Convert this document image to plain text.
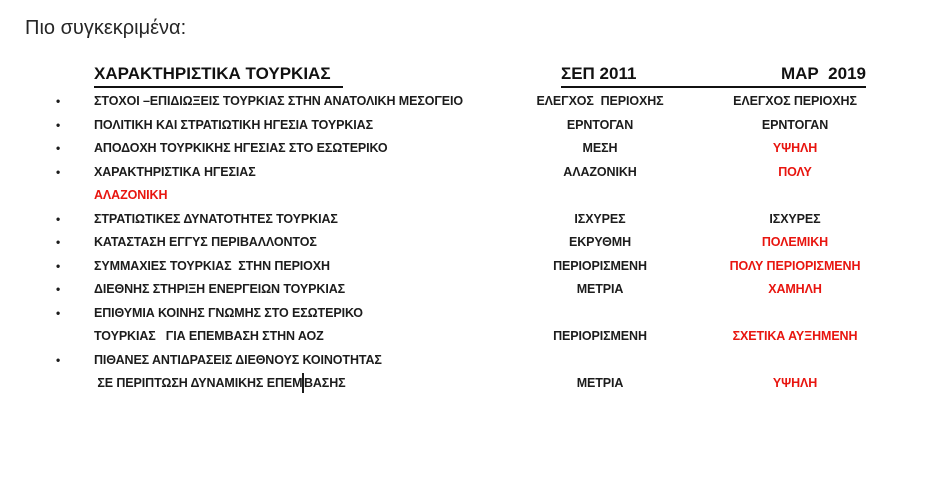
Πιο συγκεκριμένα:
ΧΑΡΑΚΤΗΡΙΣΤΙΚΑ ΤΟΥΡΚΙΑΣ	ΣΕΠ 2011	ΜΑΡ  2019
•	ΣΤΟΧΟΙ –ΕΠΙΔΙΩΞΕΙΣ ΤΟΥΡΚΙΑΣ ΣΤΗΝ ΑΝΑΤΟΛΙΚΗ ΜΕΣΟΓΕΙΟ	ΕΛΕΓΧΟΣ  ΠΕΡΙΟΧΗΣ	ΕΛΕΓΧΟΣ ΠΕΡΙΟΧΗΣ
•	ΠΟΛΙΤΙΚΗ ΚΑΙ ΣΤΡΑΤΙΩΤΙΚΗ ΗΓΕΣΙΑ ΤΟΥΡΚΙΑΣ	ΕΡΝΤΟΓΑΝ	ΕΡΝΤΟΓΑΝ
•	ΑΠΟΔΟΧΗ ΤΟΥΡΚΙΚΗΣ ΗΓΕΣΙΑΣ ΣΤΟ ΕΣΩΤΕΡΙΚΟ	ΜΕΣΗ	ΥΨΗΛΗ
•	ΧΑΡΑΚΤΗΡΙΣΤΙΚΑ ΗΓΕΣΙΑΣ	ΑΛΑΖΟΝΙΚΗ	ΠΟΛΥ
ΑΛΑΖΟΝΙΚΗ
•	ΣΤΡΑΤΙΩΤΙΚΕΣ ΔΥΝΑΤΟΤΗΤΕΣ ΤΟΥΡΚΙΑΣ	ΙΣΧΥΡΕΣ	ΙΣΧΥΡΕΣ
•	ΚΑΤΑΣΤΑΣΗ ΕΓΓΥΣ ΠΕΡΙΒΑΛΛΟΝΤΟΣ	ΕΚΡΥΘΜΗ	ΠΟΛΕΜΙΚΗ
•	ΣΥΜΜΑΧΙΕΣ ΤΟΥΡΚΙΑΣ  ΣΤΗΝ ΠΕΡΙΟΧΗ	ΠΕΡΙΟΡΙΣΜΕΝΗ	ΠΟΛΥ ΠΕΡΙΟΡΙΣΜΕΝΗ
•	ΔΙΕΘΝΗΣ ΣΤΗΡΙΞΗ ΕΝΕΡΓΕΙΩΝ ΤΟΥΡΚΙΑΣ	ΜΕΤΡΙΑ	ΧΑΜΗΛΗ
•	ΕΠΙΘΥΜΙΑ ΚΟΙΝΗΣ ΓΝΩΜΗΣ ΣΤΟ ΕΣΩΤΕΡΙΚΟ
ΤΟΥΡΚΙΑΣ   ΓΙΑ ΕΠΕΜΒΑΣΗ ΣΤΗΝ ΑΟΖ	ΠΕΡΙΟΡΙΣΜΕΝΗ	ΣΧΕΤΙΚΑ ΑΥΞΗΜΕΝΗ
•	ΠΙΘΑΝΕΣ ΑΝΤΙΔΡΑΣΕΙΣ ΔΙΕΘΝΟΥΣ ΚΟΙΝΟΤΗΤΑΣ
ΣΕ ΠΕΡΙΠΤΩΣΗ ΔΥΝΑΜΙΚΗΣ ΕΠΕΜ ΒΑΣΗΣ	ΜΕΤΡΙΑ	ΥΨΗΛΗ
